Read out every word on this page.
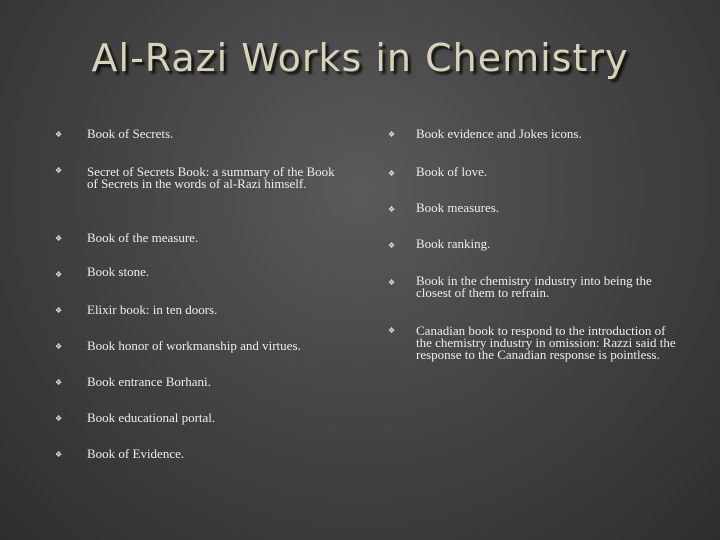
Al-Razi Works in Chemistry
❖ Book of Secrets.
❖ Secret of Secrets Book: a summary of the Book of Secrets in the words of al-Razi himself.
❖ Book of the measure.
❖ Book stone.
❖ Elixir book: in ten doors.
❖ Book honor of workmanship and virtues.
❖ Book entrance Borhani.
❖ Book educational portal.
❖ Book of Evidence.
❖ Book evidence and Jokes icons.
❖ Book of love.
❖ Book measures.
❖ Book ranking.
❖ Book in the chemistry industry into being the closest of them to refrain.
❖ Canadian book to respond to the introduction of the chemistry industry in omission: Razzi said the response to the Canadian response is pointless.
